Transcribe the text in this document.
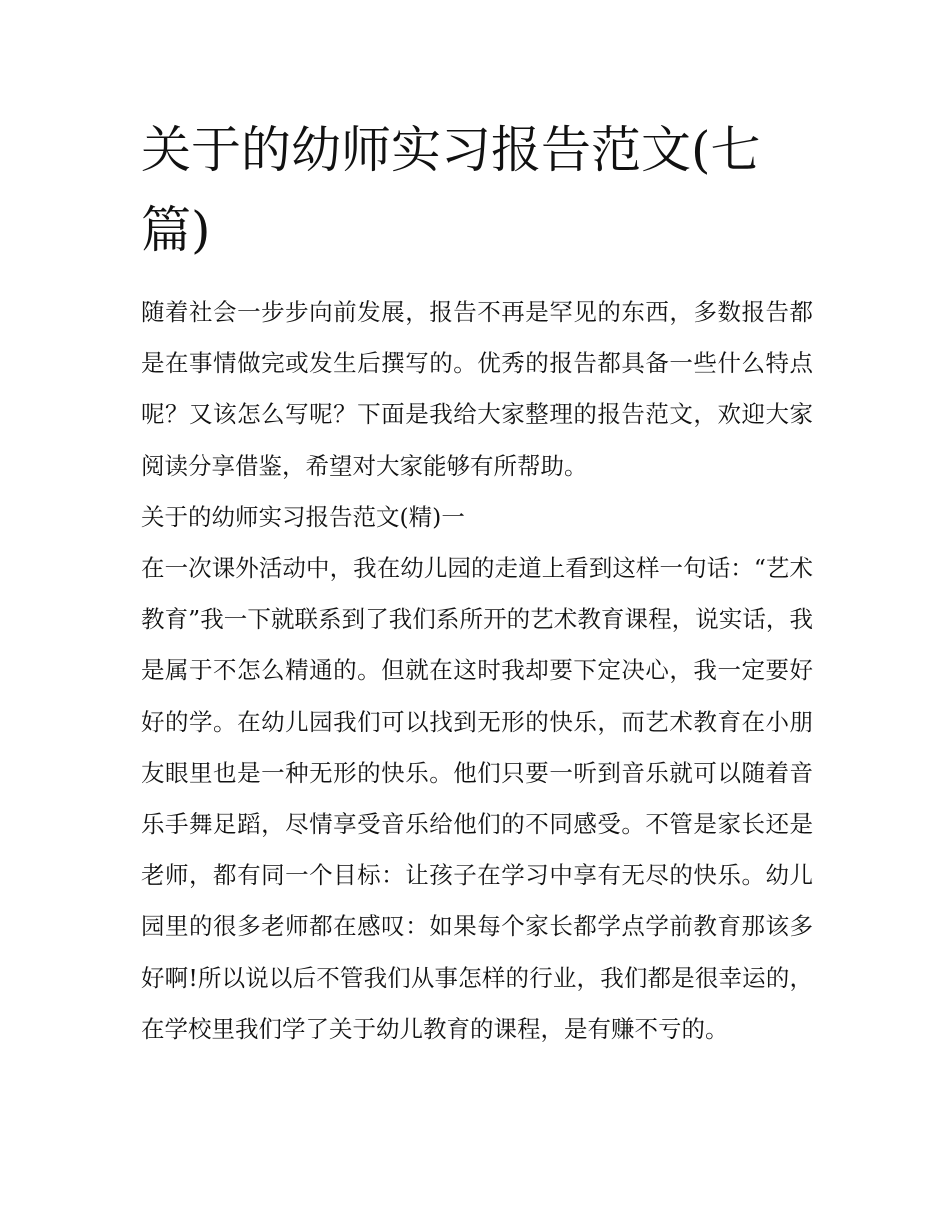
关于的幼师实习报告范文(七篇)

随着社会一步步向前发展，报告不再是罕见的东西，多数报告都是在事情做完或发生后撰写的。优秀的报告都具备一些什么特点呢？又该怎么写呢？下面是我给大家整理的报告范文，欢迎大家阅读分享借鉴，希望对大家能够有所帮助。

关于的幼师实习报告范文(精)一

在一次课外活动中，我在幼儿园的走道上看到这样一句话：“艺术教育”我一下就联系到了我们系所开的艺术教育课程，说实话，我是属于不怎么精通的。但就在这时我却要下定决心，我一定要好好的学。在幼儿园我们可以找到无形的快乐，而艺术教育在小朋友眼里也是一种无形的快乐。他们只要一听到音乐就可以随着音乐手舞足蹈，尽情享受音乐给他们的不同感受。不管是家长还是老师，都有同一个目标：让孩子在学习中享有无尽的快乐。幼儿园里的很多老师都在感叹：如果每个家长都学点学前教育那该多好啊!所以说以后不管我们从事怎样的行业，我们都是很幸运的，在学校里我们学了关于幼儿教育的课程，是有赚不亏的。
